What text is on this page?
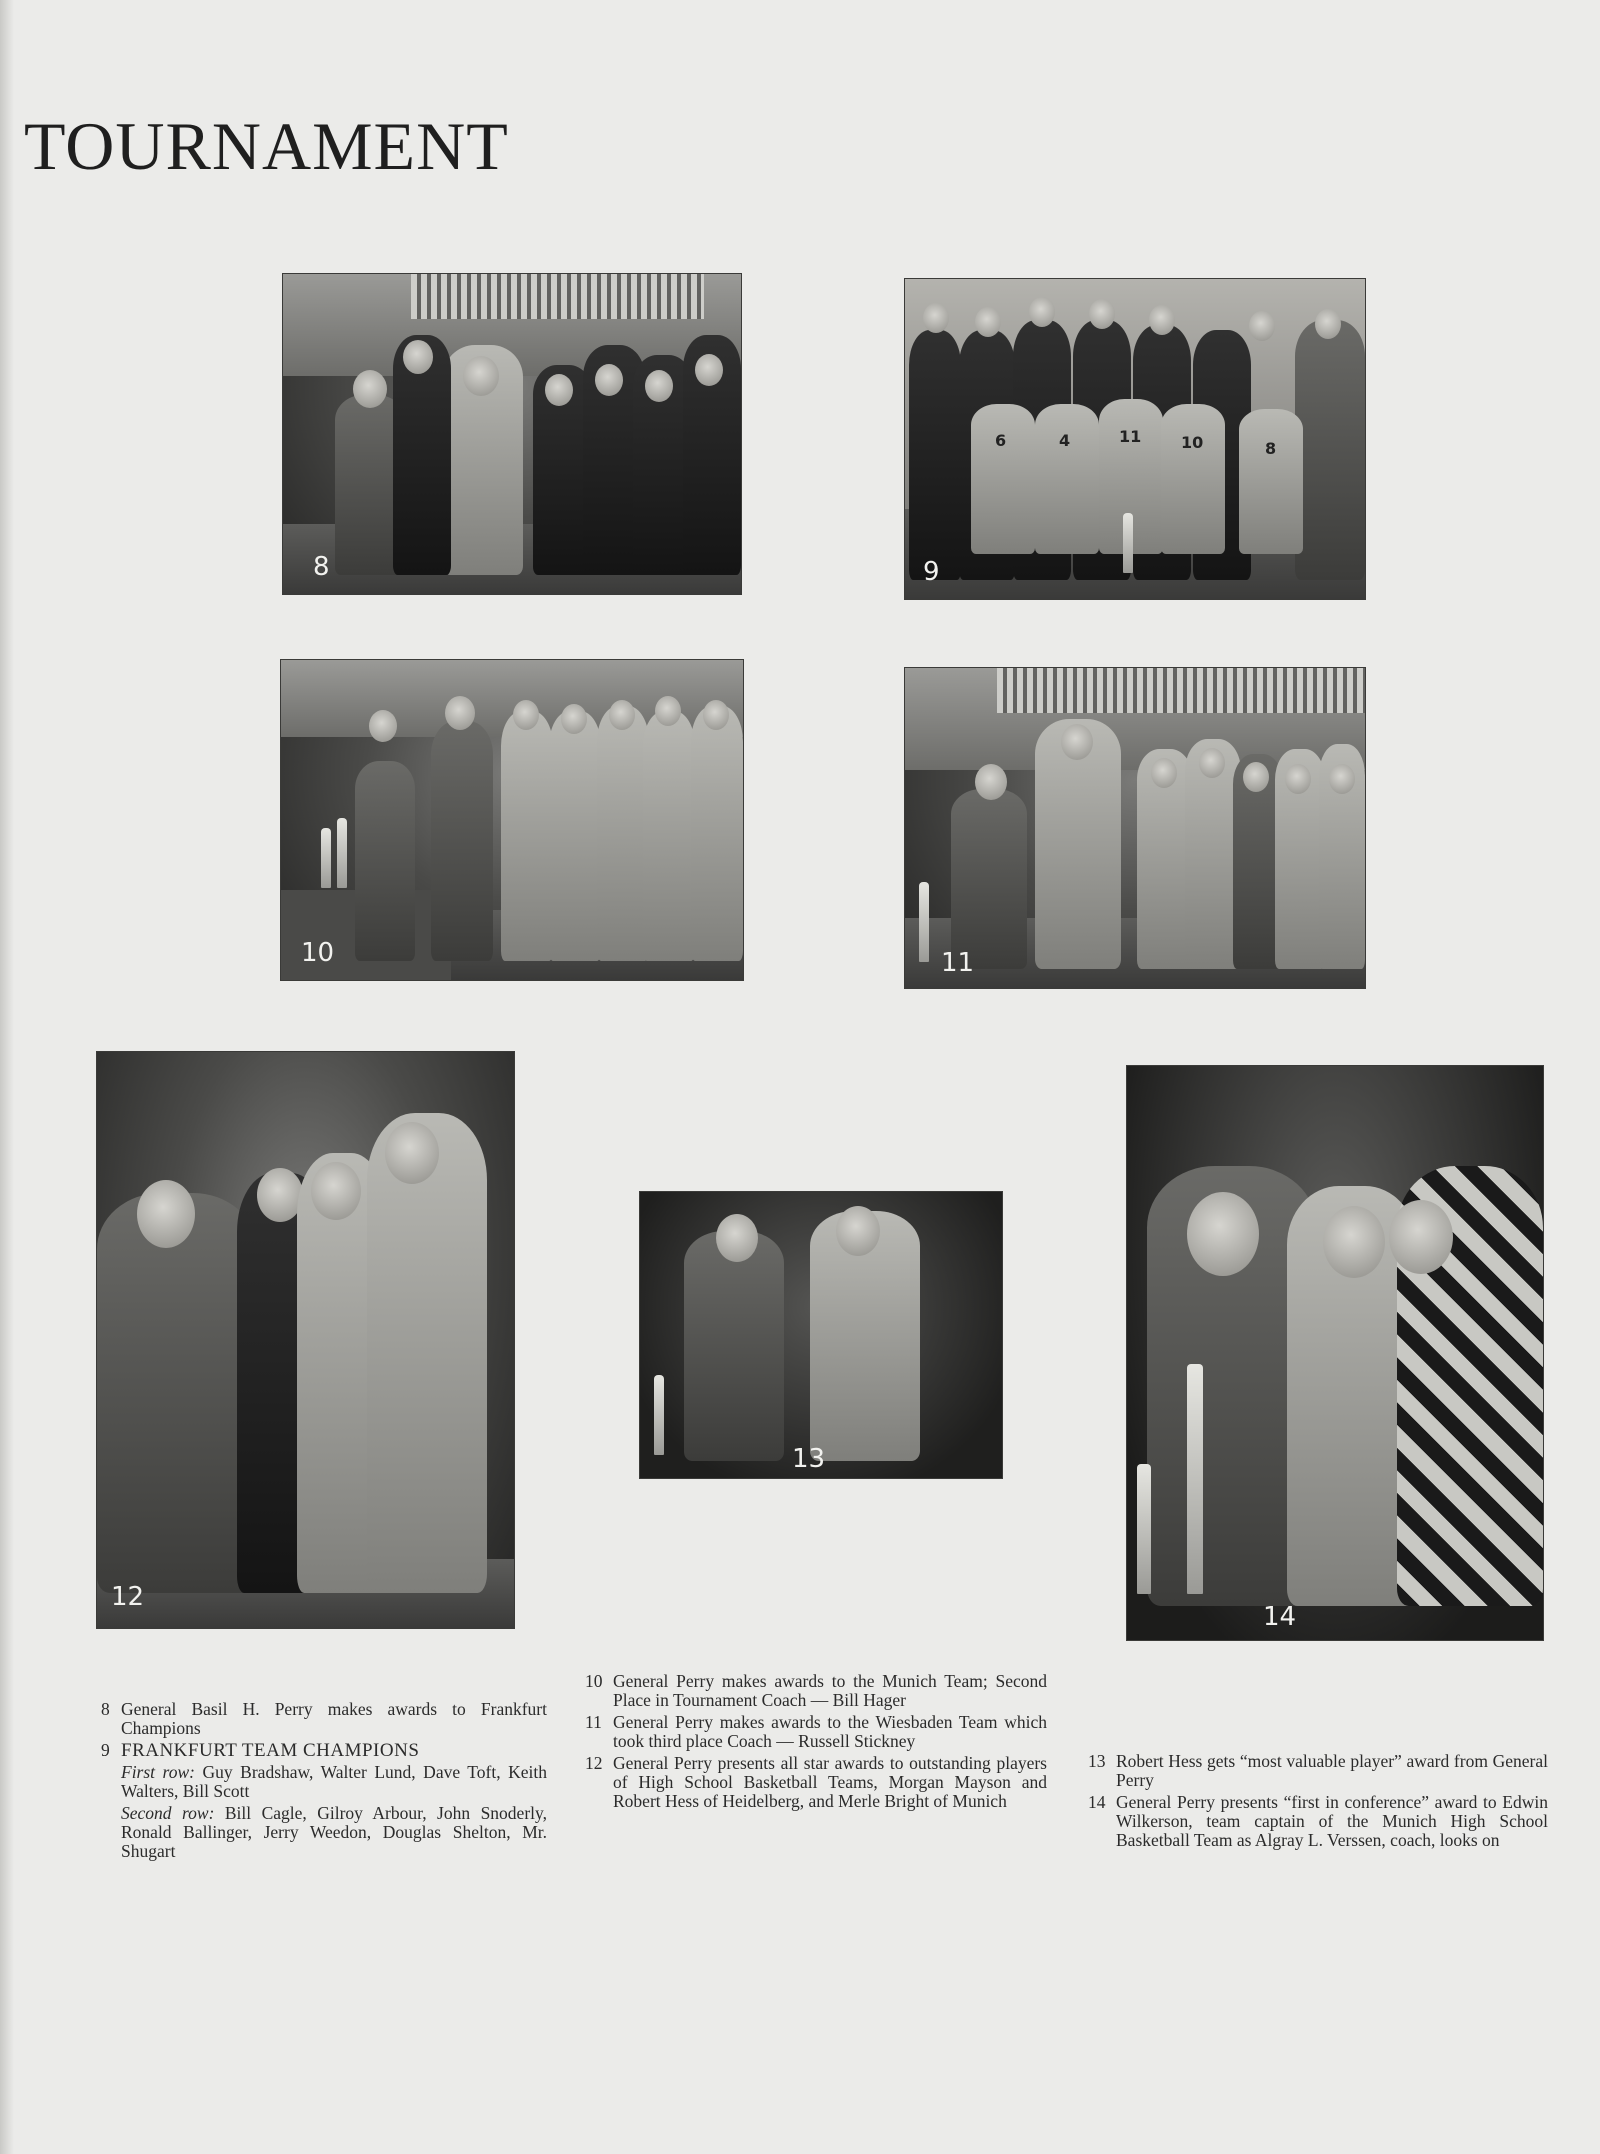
TOURNAMENT
8
6	4	11 10	8
9
10	11
12
13
14
8 General Basil H. Perry makes awards to Frankfurt Champions
9 FRANKFURT TEAM CHAMPIONS
First row: Guy Bradshaw, Walter Lund, Dave Toft, Keith Walters, Bill Scott
Second row: Bill Cagle, Gilroy Arbour, John Snoderly, Ronald Ballinger, Jerry Weedon, Douglas Shelton, Mr. Shugart
10 General Perry makes awards to the Munich Team; Second Place in Tournament Coach — Bill Hager
11 General Perry makes awards to the Wiesbaden Team which took third place Coach — Russell Stickney
12 General Perry presents all star awards to outstanding players of High School Basketball Teams, Morgan Mayson and Robert Hess of Heidelberg, and Merle Bright of Munich
13 Robert Hess gets “most valuable player” award from General Perry
14 General Perry presents “first in conference” award to Edwin Wilkerson, team captain of the Munich High School Basketball Team as Algray L. Verssen, coach, looks on
